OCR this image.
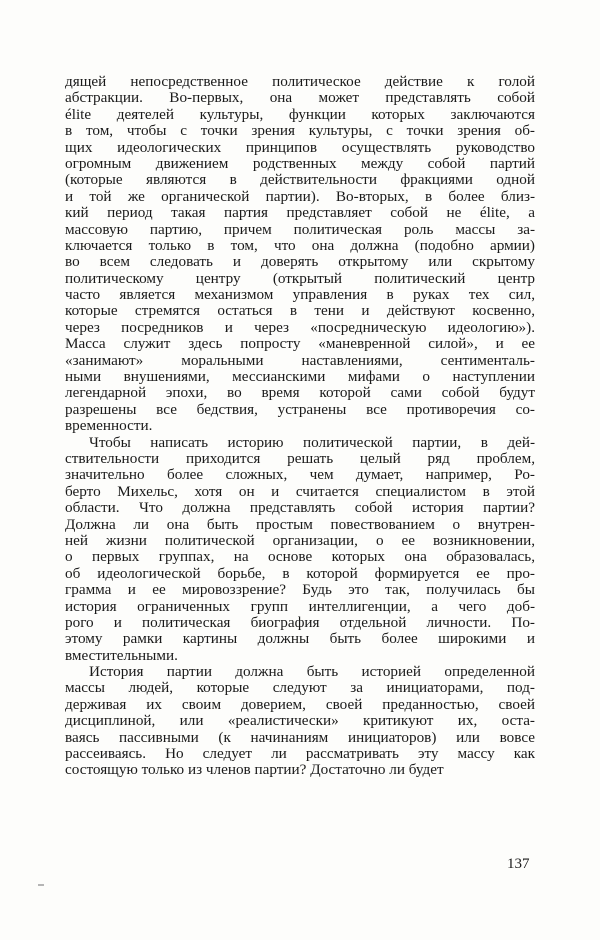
дящей непосредственное политическое действие к голой
абстракции. Во-первых, она может представлять собой
élite деятелей культуры, функции которых заключаются
в том, чтобы с точки зрения культуры, с точки зрения об-
щих идеологических принципов осуществлять руководство
огромным движением родственных между собой партий
(которые являются в действительности фракциями одной
и той же органической партии). Во-вторых, в более близ-
кий период такая партия представляет собой не élite, а
массовую партию, причем политическая роль массы за-
ключается только в том, что она должна (подобно армии)
во всем следовать и доверять открытому или скрытому
политическому центру (открытый политический центр
часто является механизмом управления в руках тех сил,
которые стремятся остаться в тени и действуют косвенно,
через посредников и через «посредническую идеологию»).
Масса служит здесь попросту «маневренной силой», и ее
«занимают» моральными наставлениями, сентименталь-
ными внушениями, мессианскими мифами о наступлении
легендарной эпохи, во время которой сами собой будут
разрешены все бедствия, устранены все противоречия со-
временности.
Чтобы написать историю политической партии, в дей-
ствительности приходится решать целый ряд проблем,
значительно более сложных, чем думает, например, Ро-
берто Михельс, хотя он и считается специалистом в этой
области. Что должна представлять собой история партии?
Должна ли она быть простым повествованием о внутрен-
ней жизни политической организации, о ее возникновении,
о первых группах, на основе которых она образовалась,
об идеологической борьбе, в которой формируется ее про-
грамма и ее мировоззрение? Будь это так, получилась бы
история ограниченных групп интеллигенции, а чего доб-
рого и политическая биография отдельной личности. По-
этому рамки картины должны быть более широкими и
вместительными.
История партии должна быть историей определенной
массы людей, которые следуют за инициаторами, под-
держивая их своим доверием, своей преданностью, своей
дисциплиной, или «реалистически» критикуют их, оста-
ваясь пассивными (к начинаниям инициаторов) или вовсе
рассеиваясь. Но следует ли рассматривать эту массу как
состоящую только из членов партии? Достаточно ли будет
137
